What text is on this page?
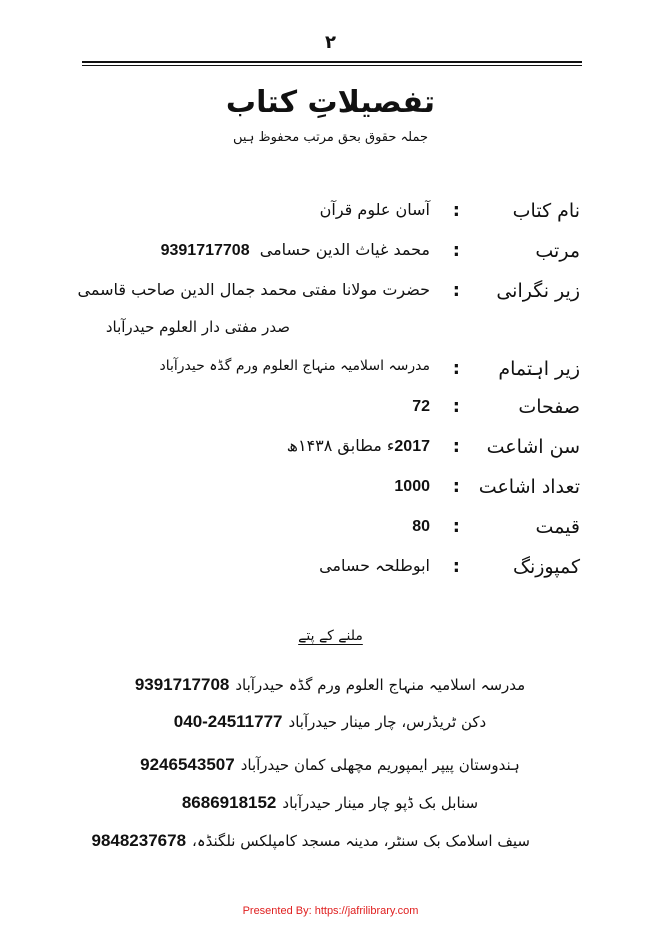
۲
تفصیلاتِ کتاب
جملہ حقوق بحق مرتب محفوظ ہیں
نام کتاب
:
آسان علوم قرآن
مرتب
:
محمد غیاث الدین حسامی  9391717708
زیر نگرانی
:
حضرت مولانا مفتی محمد جمال الدین صاحب قاسمی
صدر مفتی دار العلوم حیدرآباد
زیر اہتمام
:
مدرسہ اسلامیہ منہاج العلوم ورم گڈہ حیدرآباد
صفحات
:
72
سن اشاعت
:
2017ء مطابق ۱۴۳۸ھ
تعداد اشاعت
:
1000
قیمت
:
80
کمپوزنگ
:
ابوطلحہ حسامی
ملنے کے پتے
مدرسہ اسلامیہ منہاج العلوم ورم گڈہ حیدرآباد9391717708
دکن ٹریڈرس، چار مینار حیدرآباد040-24511777
ہندوستان پیپر ایمپوریم مچھلی کمان حیدرآباد9246543507
سنابل بک ڈپو چار مینار حیدرآباد8686918152
سیف اسلامک بک سنٹر، مدینہ مسجد کامپلکس نلگنڈہ،9848237678
Presented By: https://jafrilibrary.com
